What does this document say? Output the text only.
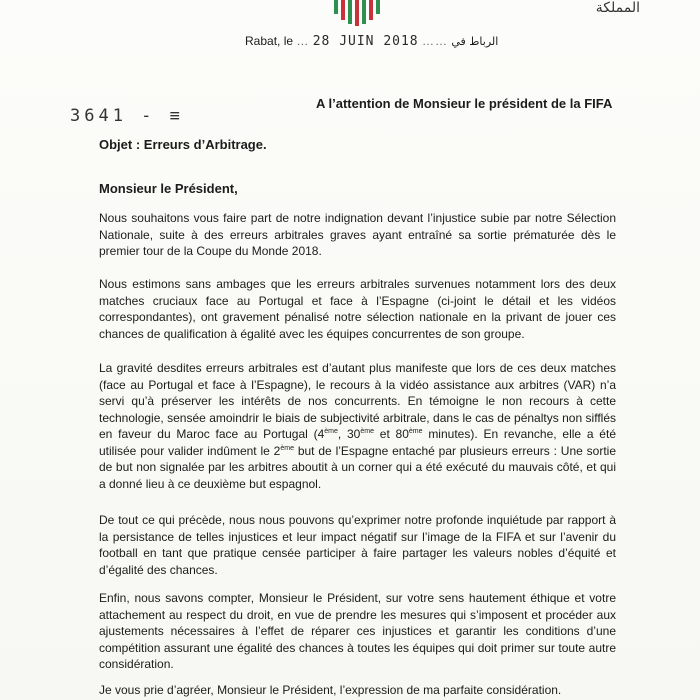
المملكة
Rabat, le … 28 JUIN 2018 …… الرباط في
3641 - ≡
A l’attention de Monsieur le président de la FIFA
Objet : Erreurs d’Arbitrage.
Monsieur le Président,

Nous souhaitons vous faire part de notre indignation devant l’injustice subie par notre Sélection Nationale, suite à des erreurs arbitrales graves ayant entraîné sa sortie prématurée dès le premier tour de la Coupe du Monde 2018.

Nous estimons sans ambages que les erreurs arbitrales survenues notamment lors des deux matches cruciaux face au Portugal et face à l’Espagne (ci-joint le détail et les vidéos correspondantes), ont gravement pénalisé notre sélection nationale en la privant de jouer ces chances de qualification à égalité avec les équipes concurrentes de son groupe.

La gravité desdites erreurs arbitrales est d’autant plus manifeste que lors de ces deux matches (face au Portugal et face à l’Espagne), le recours à la vidéo assistance aux arbitres (VAR) n’a servi qu’à préserver les intérêts de nos concurrents. En témoigne le non recours à cette technologie, sensée amoindrir le biais de subjectivité arbitrale, dans le cas de pénaltys non sifflés en faveur du Maroc face au Portugal (4ème, 30ème et 80ème minutes). En revanche, elle a été utilisée pour valider indûment le 2ème but de l’Espagne entaché par plusieurs erreurs : Une sortie de but non signalée par les arbitres aboutit à un corner qui a été exécuté du mauvais côté, et qui a donné lieu à ce deuxième but espagnol.

De tout ce qui précède, nous nous pouvons qu’exprimer notre profonde inquiétude par rapport à la persistance de telles injustices et leur impact négatif sur l’image de la FIFA et sur l’avenir du football en tant que pratique censée participer à faire partager les valeurs nobles d’équité et d’égalité des chances.

Enfin, nous savons compter, Monsieur le Président, sur votre sens hautement éthique et votre attachement au respect du droit, en vue de prendre les mesures qui s’imposent et procéder aux ajustements nécessaires à l’effet de réparer ces injustices et garantir les conditions d’une compétition assurant une égalité des chances à toutes les équipes qui doit primer sur toute autre considération.

Je vous prie d’agréer, Monsieur le Président, l’expression de ma parfaite considération.
